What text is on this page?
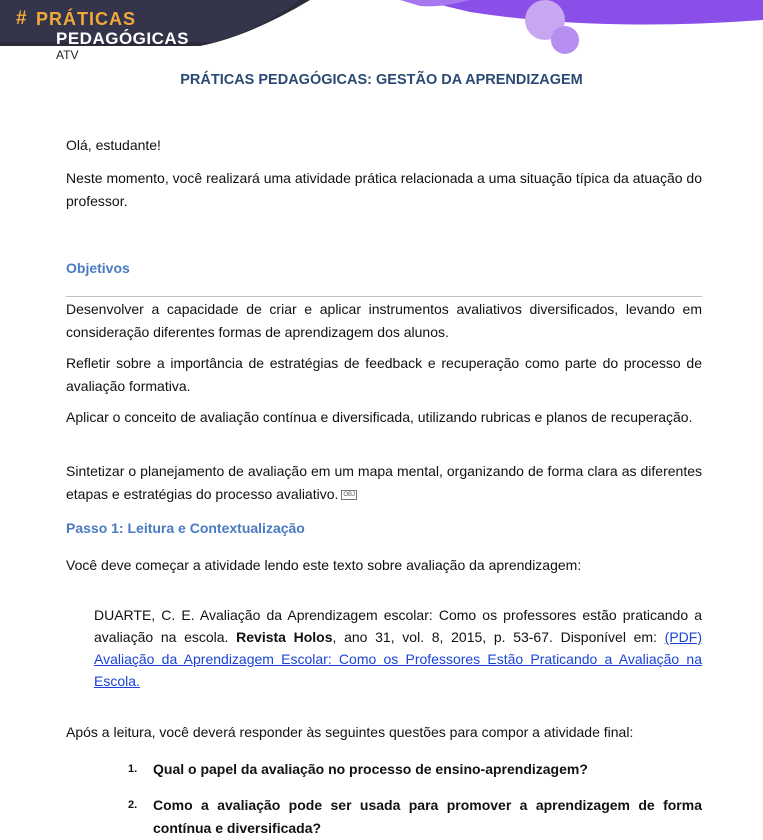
# PRÁTICAS
PEDAGÓGICAS
ATV
PRÁTICAS PEDAGÓGICAS: GESTÃO DA APRENDIZAGEM

Olá, estudante!

Neste momento, você realizará uma atividade prática relacionada a uma situação típica da atuação do professor.

Objetivos

Desenvolver a capacidade de criar e aplicar instrumentos avaliativos diversificados, levando em consideração diferentes formas de aprendizagem dos alunos.

Refletir sobre a importância de estratégias de feedback e recuperação como parte do processo de avaliação formativa.

Aplicar o conceito de avaliação contínua e diversificada, utilizando rubricas e planos de recuperação.

Sintetizar o planejamento de avaliação em um mapa mental, organizando de forma clara as diferentes etapas e estratégias do processo avaliativo. OBJ

Passo 1: Leitura e Contextualização

Você deve começar a atividade lendo este texto sobre avaliação da aprendizagem:

DUARTE, C. E. Avaliação da Aprendizagem escolar: Como os professores estão praticando a avaliação na escola. Revista Holos, ano 31, vol. 8, 2015, p. 53-67. Disponível em: (PDF) Avaliação da Aprendizagem Escolar: Como os Professores Estão Praticando a Avaliação na Escola.

Após a leitura, você deverá responder às seguintes questões para compor a atividade final:

1. Qual o papel da avaliação no processo de ensino-aprendizagem?
2. Como a avaliação pode ser usada para promover a aprendizagem de forma contínua e diversificada?
